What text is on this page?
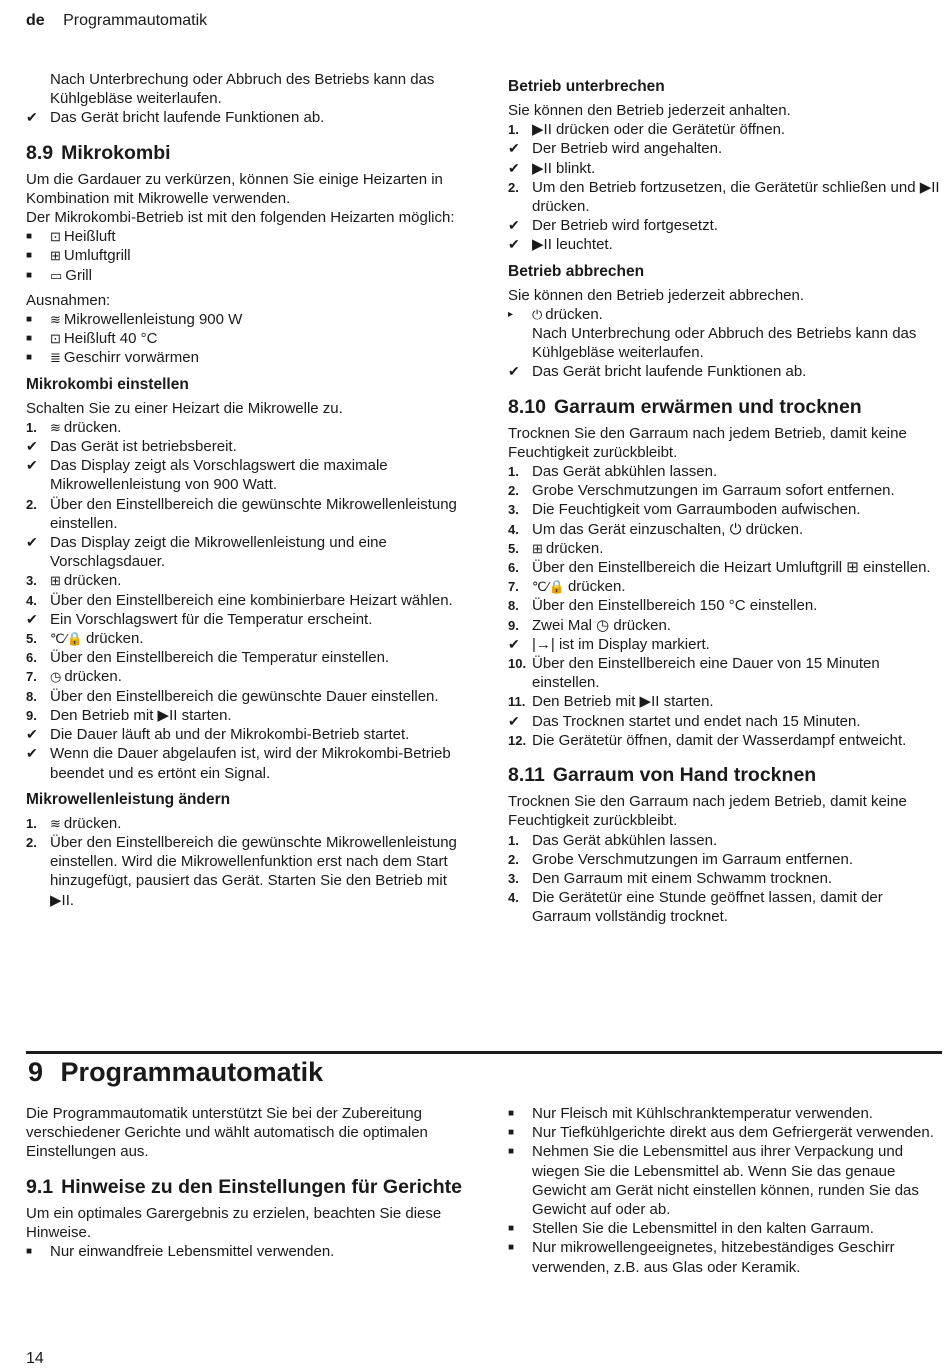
de Programmautomatik

Nach Unterbrechung oder Abbruch des Betriebs kann das Kühlgebläse weiterlaufen.

✔ Das Gerät bricht laufende Funktionen ab.
8.9 Mikrokombi

Um die Gardauer zu verkürzen, können Sie einige Heizarten in Kombination mit Mikrowelle verwenden.

Der Mikrokombi-Betrieb ist mit den folgenden Heizarten möglich:

■	⊡ Heißluft
■	⊞ Umluftgrill
■	▭ Grill

Ausnahmen:

■	≋ Mikrowellenleistung 900 W
■	⊡ Heißluft 40 °C
■	≣ Geschirr vorwärmen
Mikrokombi einstellen

Schalten Sie zu einer Heizart die Mikrowelle zu.

1.	≋ drücken.
✔ Das Gerät ist betriebsbereit.
✔ Das Display zeigt als Vorschlagswert die maximale Mikrowellenleistung von 900 Watt.
2. Über den Einstellbereich die gewünschte Mikrowellenleistung einstellen.
✔ Das Display zeigt die Mikrowellenleistung und eine Vorschlagsdauer.
3.	⊞ drücken.
4. Über den Einstellbereich eine kombinierbare Heizart wählen.
✔ Ein Vorschlagswert für die Temperatur erscheint.
5.	℃⁄🔒 drücken.
6. Über den Einstellbereich die Temperatur einstellen.
7.	◷ drücken.
8. Über den Einstellbereich die gewünschte Dauer einstellen.
9. Den Betrieb mit ▶II starten.
✔ Die Dauer läuft ab und der Mikrokombi-Betrieb startet.
✔ Wenn die Dauer abgelaufen ist, wird der Mikrokombi-Betrieb beendet und es ertönt ein Signal.
Mikrowellenleistung ändern
1.	≋ drücken.
2. Über den Einstellbereich die gewünschte Mikrowellenleistung einstellen. Wird die Mikrowellenfunktion erst nach dem Start hinzugefügt, pausiert das Gerät. Starten Sie den Betrieb mit ▶II.
Betrieb unterbrechen

Sie können den Betrieb jederzeit anhalten.

1. ▶II drücken oder die Gerätetür öffnen.
✔ Der Betrieb wird angehalten.
✔ ▶II blinkt.
2. Um den Betrieb fortzusetzen, die Gerätetür schließen und ▶II drücken.
✔ Der Betrieb wird fortgesetzt.
✔ ▶II leuchtet.
Betrieb abbrechen

Sie können den Betrieb jederzeit abbrechen.

▸	⏻ drücken.

Nach Unterbrechung oder Abbruch des Betriebs kann das Kühlgebläse weiterlaufen.

✔ Das Gerät bricht laufende Funktionen ab.
8.10 Garraum erwärmen und trocknen

Trocknen Sie den Garraum nach jedem Betrieb, damit keine Feuchtigkeit zurückbleibt.

1. Das Gerät abkühlen lassen.
2. Grobe Verschmutzungen im Garraum sofort entfernen.
3. Die Feuchtigkeit vom Garraumboden aufwischen.
4. Um das Gerät einzuschalten, ⏻ drücken.
5.	⊞ drücken.
6. Über den Einstellbereich die Heizart Umluftgrill ⊞ einstellen.
7.	℃⁄🔒 drücken.
8. Über den Einstellbereich 150 °C einstellen.
9. Zwei Mal ◷ drücken.
✔ |→| ist im Display markiert.
10. Über den Einstellbereich eine Dauer von 15 Minuten einstellen.
11. Den Betrieb mit ▶II starten.
✔ Das Trocknen startet und endet nach 15 Minuten.
12. Die Gerätetür öffnen, damit der Wasserdampf entweicht.
8.11 Garraum von Hand trocknen

Trocknen Sie den Garraum nach jedem Betrieb, damit keine Feuchtigkeit zurückbleibt.

1. Das Gerät abkühlen lassen.
2. Grobe Verschmutzungen im Garraum entfernen.
3. Den Garraum mit einem Schwamm trocknen.
4. Die Gerätetür eine Stunde geöffnet lassen, damit der Garraum vollständig trocknet.
9 Programmautomatik

Die Programmautomatik unterstützt Sie bei der Zubereitung verschiedener Gerichte und wählt automatisch die optimalen Einstellungen aus.

9.1 Hinweise zu den Einstellungen für Gerichte

Um ein optimales Garergebnis zu erzielen, beachten Sie diese Hinweise.

■	Nur einwandfreie Lebensmittel verwenden.
■	Nur Fleisch mit Kühlschranktemperatur verwenden.
■	Nur Tiefkühlgerichte direkt aus dem Gefriergerät verwenden.
■	Nehmen Sie die Lebensmittel aus ihrer Verpackung und wiegen Sie die Lebensmittel ab. Wenn Sie das genaue Gewicht am Gerät nicht einstellen können, runden Sie das Gewicht auf oder ab.
■	Stellen Sie die Lebensmittel in den kalten Garraum.
■	Nur mikrowellengeeignetes, hitzebeständiges Geschirr verwenden, z.B. aus Glas oder Keramik.
14
